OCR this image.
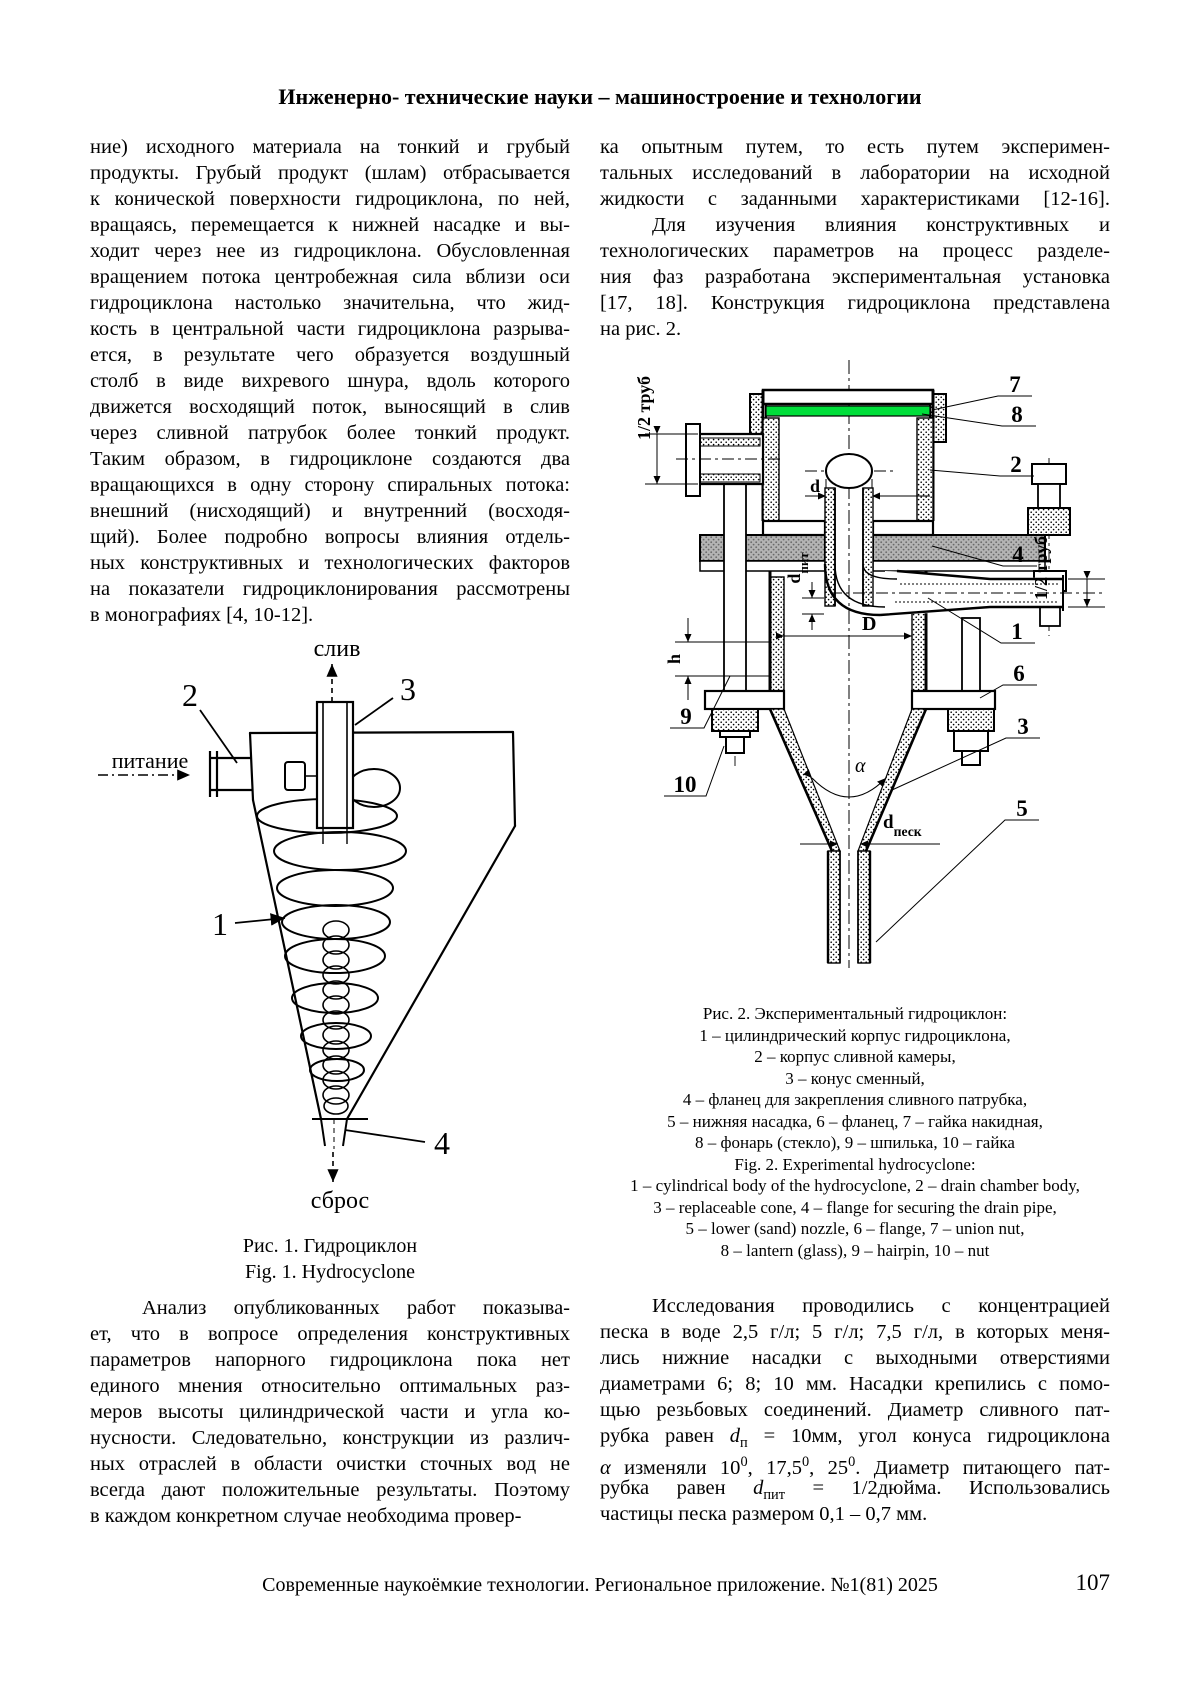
Инженерно- технические науки – машиностроение и технологии
ние) исходного материала на тонкий и грубый
продукты. Грубый продукт (шлам) отбрасывается
к конической поверхности гидроциклона, по ней,
вращаясь, перемещается к нижней насадке и вы-
ходит через нее из гидроциклона. Обусловленная
вращением потока центробежная сила вблизи оси
гидроциклона настолько значительна, что жид-
кость в центральной части гидроциклона разрыва-
ется, в результате чего образуется воздушный
столб в виде вихревого шнура, вдоль которого
движется восходящий поток, выносящий в слив
через сливной патрубок более тонкий продукт.
Таким образом, в гидроциклоне создаются два
вращающихся в одну сторону спиральных потока:
внешний (нисходящий) и внутренний (восходя-
щий). Более подробно вопросы влияния отдель-
ных конструктивных и технологических факторов
на показатели гидроциклонирования рассмотрены
в монографиях [4, 10-12].
слив
питание
сброс
2	3
1
4
Рис. 1. Гидроциклон
Fig. 1. Hydrocyclone
Анализ опубликованных работ показыва-
ет, что в вопросе определения конструктивных
параметров напорного гидроциклона пока нет
единого мнения относительно оптимальных раз-
меров высоты цилиндрической части и угла ко-
нусности. Следовательно, конструкции из различ-
ных отраслей в области очистки сточных вод не
всегда дают положительные результаты. Поэтому
в каждом конкретном случае необходима провер-
ка опытным путем, то есть путем эксперимен-
тальных исследований в лаборатории на исходной
жидкости с заданными характеристиками [12-16].
Для изучения влияния конструктивных и
технологических параметров на процесс разделе-
ния фаз разработана экспериментальная установка
[17, 18]. Конструкция гидроциклона представлена
на рис. 2.
α
$d_{песк}$
D
h
1/2 труб
1/2 труб
d
$d_{пит}$
7
8
2
4
1
6
3
5
9
10
Рис. 2. Экспериментальный гидроциклон:
1 – цилиндрический корпус гидроциклона,
2 – корпус сливной камеры,
3 – конус сменный,
4 – фланец для закрепления сливного патрубка,
5 – нижняя насадка, 6 – фланец, 7 – гайка накидная,
8 – фонарь (стекло), 9 – шпилька, 10 – гайка
Fig. 2. Experimental hydrocyclone:
1 – cylindrical body of the hydrocyclone, 2 – drain chamber body,
3 – replaceable cone, 4 – flange for securing the drain pipe,
5 – lower (sand) nozzle, 6 – flange, 7 – union nut,
8 – lantern (glass), 9 – hairpin, 10 – nut
Исследования проводились с концентрацией
песка в воде 2,5 г/л; 5 г/л; 7,5 г/л, в которых меня-
лись нижние насадки с выходными отверстиями
диаметрами 6; 8; 10 мм. Насадки крепились с помо-
щью резьбовых соединений. Диаметр сливного пат-
рубка равен $d_п = 10мм$, угол конуса гидроциклона
α изменяли $10^0$, 17,5$^0$, $25^0$. Диаметр питающего пат-
рубка равен $d_{пит}$ = 1/2дюйма. Использовались
частицы песка размером 0,1 – 0,7 мм.
Современные наукоёмкие технологии. Региональное приложение. №1(81) 2025	107
